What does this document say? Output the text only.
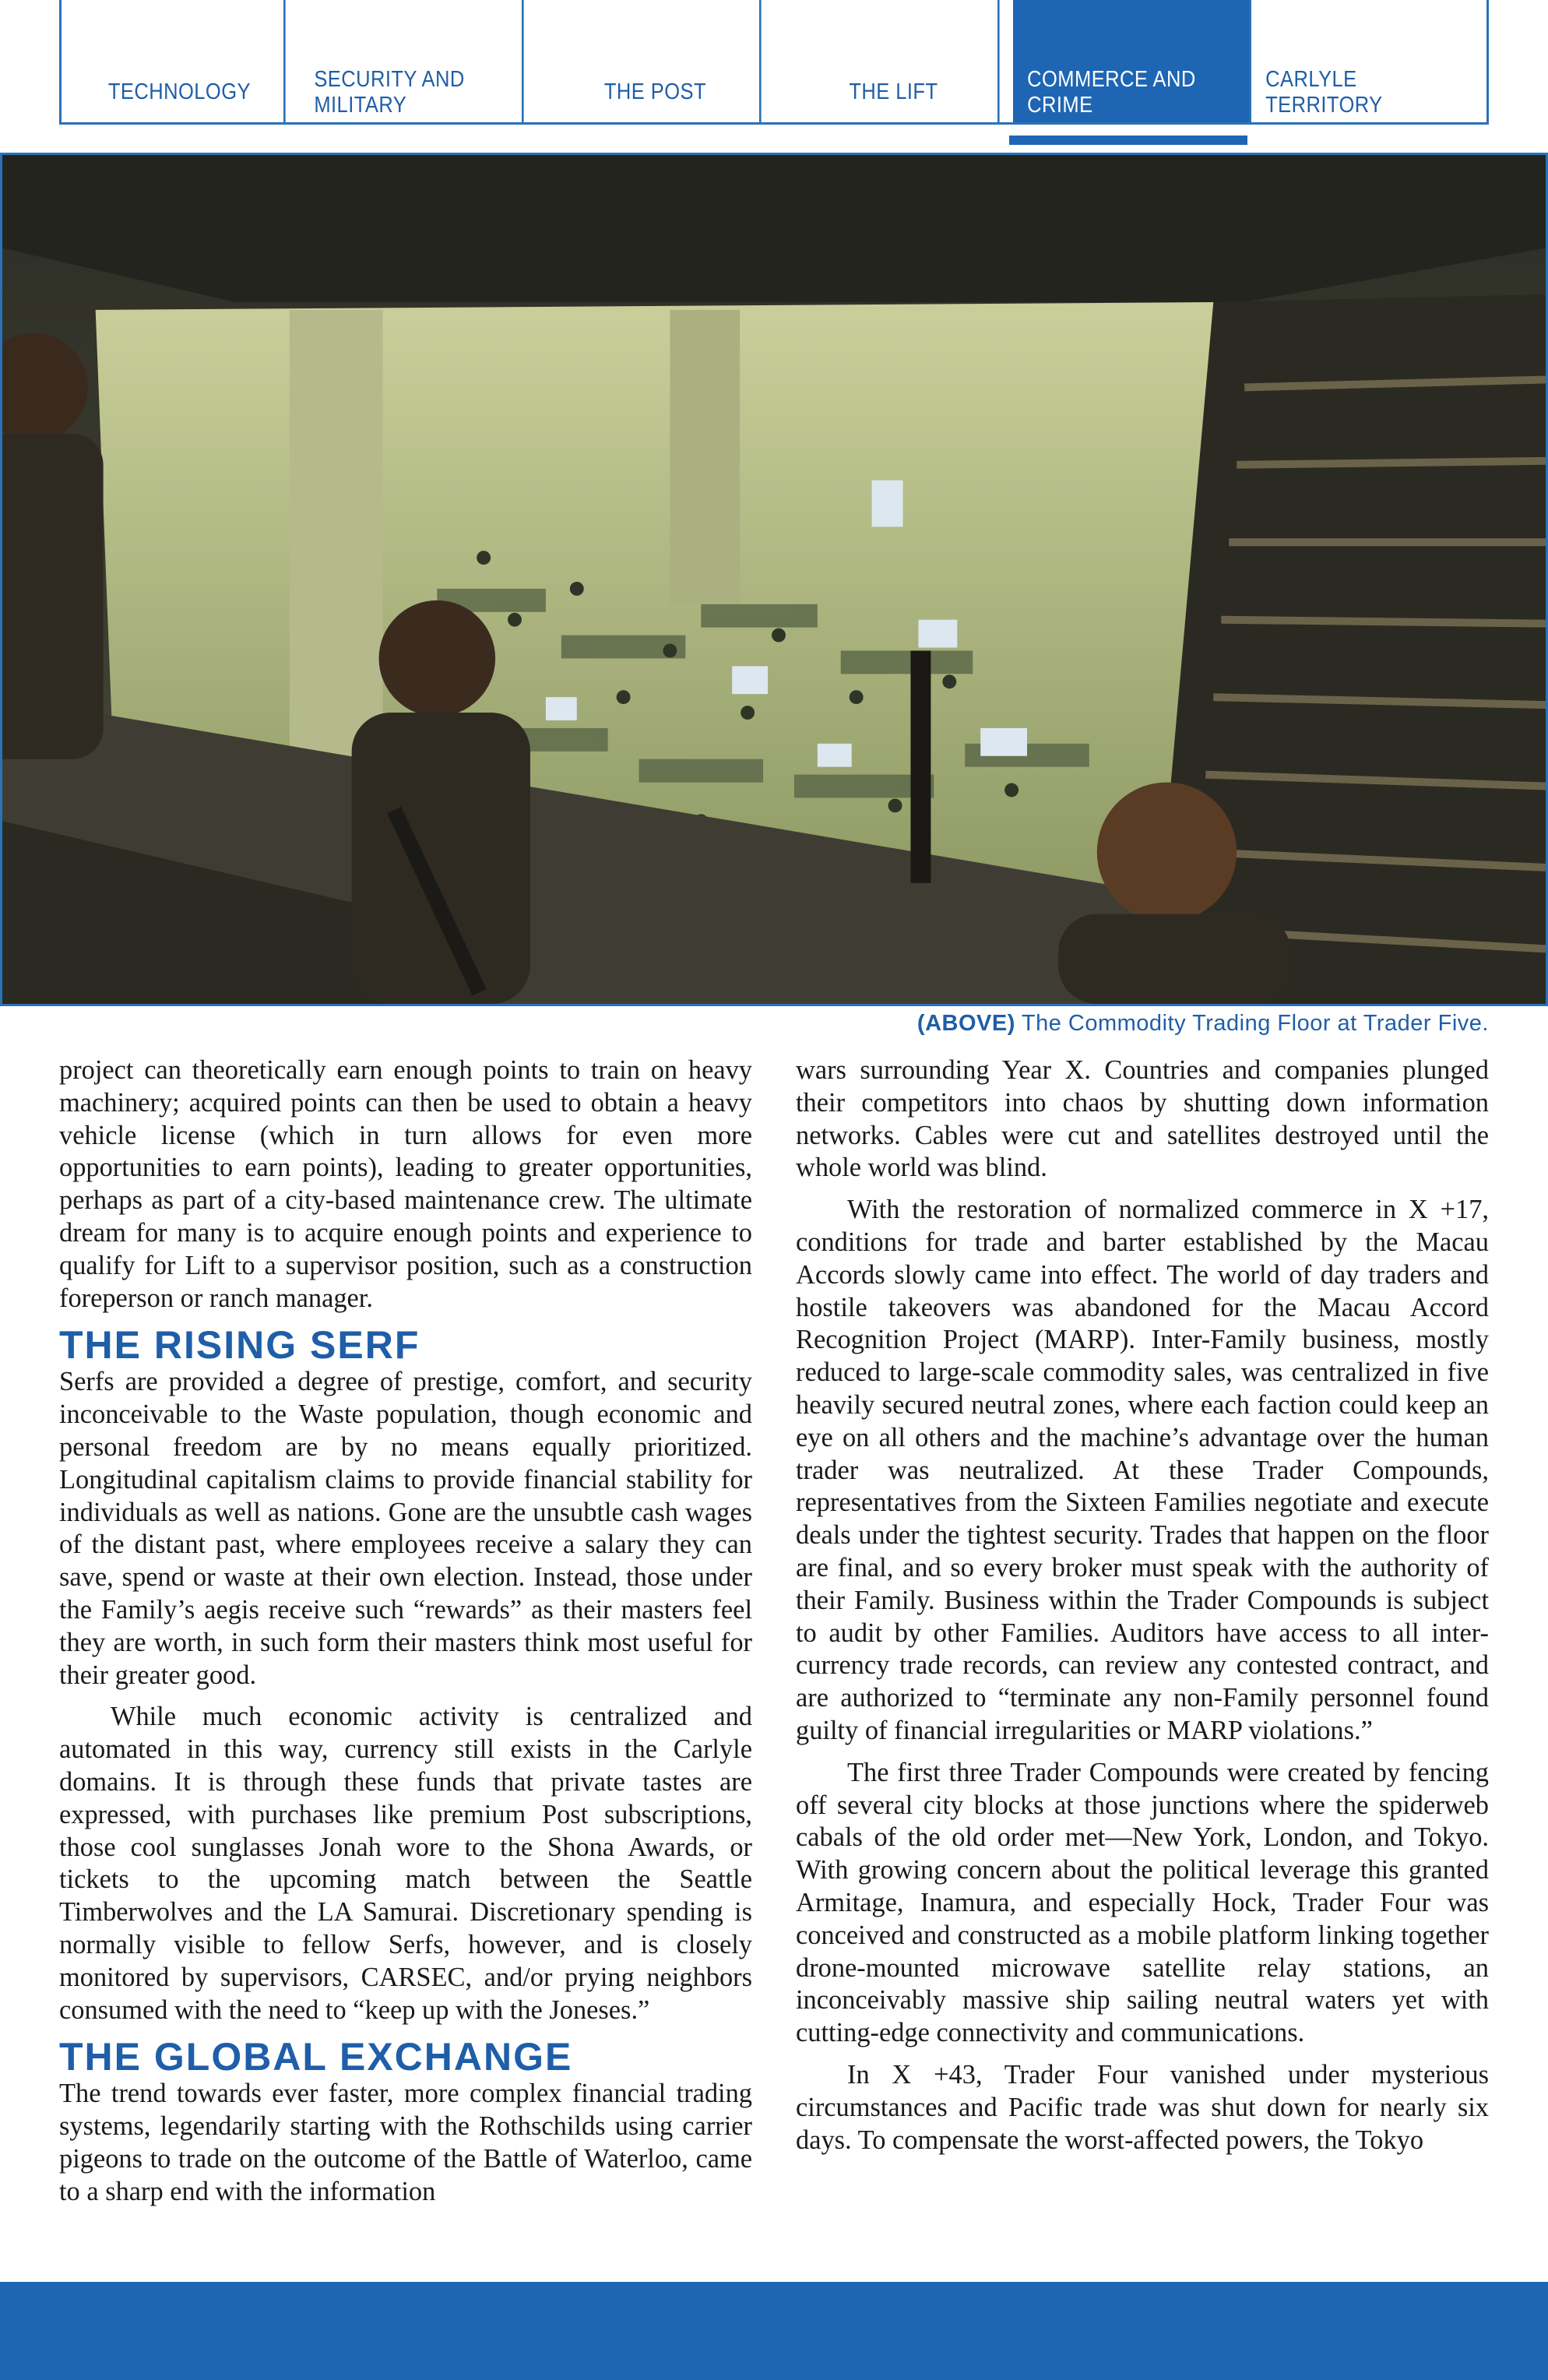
TECHNOLOGY
SECURITY AND MILITARY
THE POST	THE LIFT
COMMERCE AND CRIME
CARLYLE TERRITORY
(ABOVE) The Commodity Trading Floor at Trader Five.

project can theoretically earn enough points to train on heavy machinery; acquired points can then be used to obtain a heavy vehicle license (which in turn allows for even more opportunities to earn points), leading to greater opportunities, perhaps as part of a city-based maintenance crew. The ultimate dream for many is to acquire enough points and experience to qualify for Lift to a supervisor position, such as a construction foreperson or ranch manager.

THE RISING SERF

Serfs are provided a degree of prestige, comfort, and security inconceivable to the Waste population, though economic and personal freedom are by no means equally prioritized. Longitudinal capitalism claims to provide financial stability for individuals as well as nations. Gone are the unsubtle cash wages of the distant past, where employees receive a salary they can save, spend or waste at their own election. Instead, those under the Family’s aegis receive such “rewards” as their masters feel they are worth, in such form their masters think most useful for their greater good.

While much economic activity is centralized and automated in this way, currency still exists in the Carlyle domains. It is through these funds that private tastes are expressed, with purchases like premium Post subscriptions, those cool sunglasses Jonah wore to the Shona Awards, or tickets to the upcoming match between the Seattle Timberwolves and the LA Samurai. Discretionary spending is normally visible to fellow Serfs, however, and is closely monitored by supervisors, CARSEC, and/or prying neighbors consumed with the need to “keep up with the Joneses.”

THE GLOBAL EXCHANGE

The trend towards ever faster, more complex financial trading systems, legendarily starting with the Rothschilds using carrier pigeons to trade on the outcome of the Battle of Waterloo, came to a sharp end with the information

wars surrounding Year X. Countries and companies plunged their competitors into chaos by shutting down information networks. Cables were cut and satellites destroyed until the whole world was blind.

With the restoration of normalized commerce in X +17, conditions for trade and barter established by the Macau Accords slowly came into effect. The world of day traders and hostile takeovers was abandoned for the Macau Accord Recognition Project (MARP). Inter-Family business, mostly reduced to large-scale commodity sales, was centralized in five heavily secured neutral zones, where each faction could keep an eye on all others and the machine’s advantage over the human trader was neutralized. At these Trader Compounds, representatives from the Sixteen Families negotiate and execute deals under the tightest security. Trades that happen on the floor are final, and so every broker must speak with the authority of their Family. Business within the Trader Compounds is subject to audit by other Families. Auditors have access to all inter-currency trade records, can review any contested contract, and are authorized to “terminate any non-Family personnel found guilty of financial irregularities or MARP violations.”

The first three Trader Compounds were created by fencing off several city blocks at those junctions where the spiderweb cabals of the old order met—New York, London, and Tokyo. With growing concern about the political leverage this granted Armitage, Inamura, and especially Hock, Trader Four was conceived and constructed as a mobile platform linking together drone-mounted microwave satellite relay stations, an inconceivably massive ship sailing neutral waters yet with cutting-edge connectivity and communications.

In X +43, Trader Four vanished under mysterious circumstances and Pacific trade was shut down for nearly six days. To compensate the worst-affected powers, the Tokyo
